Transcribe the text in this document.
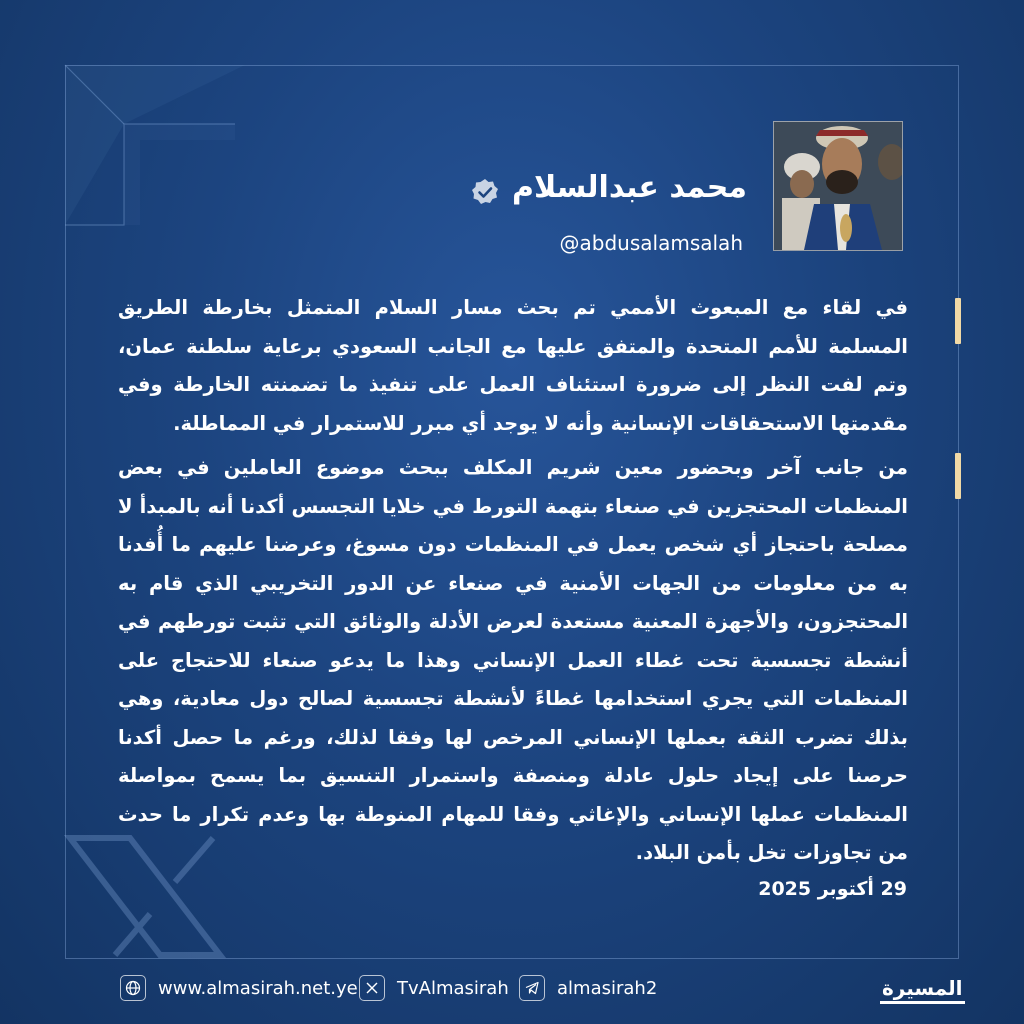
محمد عبدالسلام
@abdusalamsalah

في لقاء مع المبعوث الأممي تم بحث مسار السلام المتمثل بخارطة الطريق المسلمة للأمم المتحدة والمتفق عليها مع الجانب السعودي برعاية سلطنة عمان، وتم لفت النظر إلى ضرورة استئناف العمل على تنفيذ ما تضمنته الخارطة وفي مقدمتها الاستحقاقات الإنسانية وأنه لا يوجد أي مبرر للاستمرار في المماطلة.

من جانب آخر وبحضور معين شريم المكلف ببحث موضوع العاملين في بعض المنظمات المحتجزين في صنعاء بتهمة التورط في خلايا التجسس أكدنا أنه بالمبدأ لا مصلحة باحتجاز أي شخص يعمل في المنظمات دون مسوغ، وعرضنا عليهم ما أُفدنا به من معلومات من الجهات الأمنية في صنعاء عن الدور التخريبي الذي قام به المحتجزون، والأجهزة المعنية مستعدة لعرض الأدلة والوثائق التي تثبت تورطهم في أنشطة تجسسية تحت غطاء العمل الإنساني وهذا ما يدعو صنعاء للاحتجاج على المنظمات التي يجري استخدامها غطاءً لأنشطة تجسسية لصالح دول معادية، وهي بذلك تضرب الثقة بعملها الإنساني المرخص لها وفقا لذلك، ورغم ما حصل أكدنا حرصنا على إيجاد حلول عادلة ومنصفة واستمرار التنسيق بما يسمح بمواصلة المنظمات عملها الإنساني والإغاثي وفقا للمهام المنوطة بها وعدم تكرار ما حدث من تجاوزات تخل بأمن البلاد.

29 أكتوبر 2025
www.almasirah.net.ye TvAlmasirah	almasirah2	المسيرة
